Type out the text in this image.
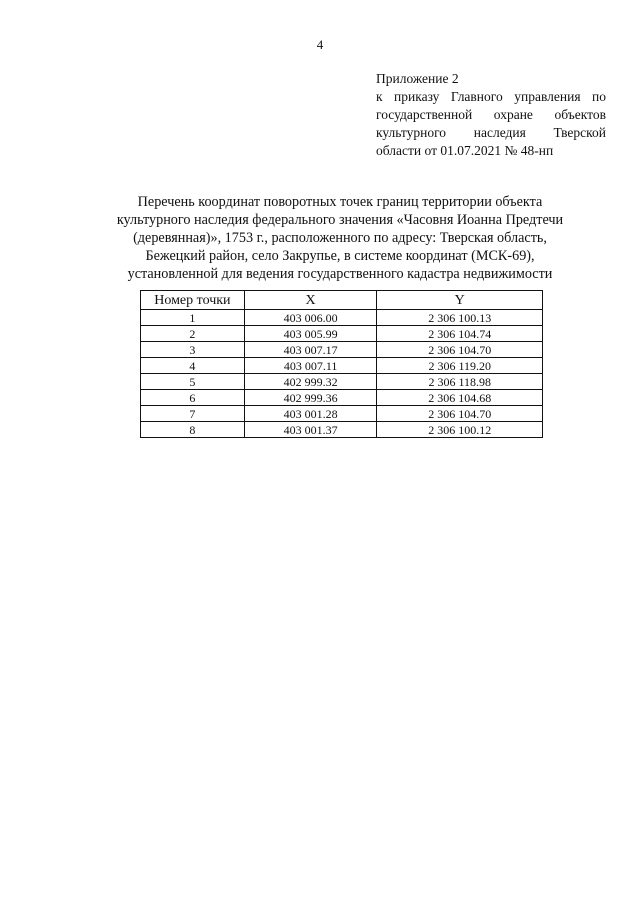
4
Приложение 2
к приказу Главного управления по
государственной охране объектов
культурного наследия Тверской
области от 01.07.2021 № 48-нп
Перечень координат поворотных точек границ территории объекта
культурного наследия федерального значения «Часовня Иоанна Предтечи
(деревянная)», 1753 г., расположенного по адресу: Тверская область,
Бежецкий район, село Закрупье, в системе координат (МСК-69),
установленной для ведения государственного кадастра недвижимости
Номер точки	X	Y
1	403 006.00	2 306 100.13
2	403 005.99	2 306 104.74
3	403 007.17	2 306 104.70
4	403 007.11	2 306 119.20
5	402 999.32	2 306 118.98
6	402 999.36	2 306 104.68
7	403 001.28	2 306 104.70
8	403 001.37	2 306 100.12
